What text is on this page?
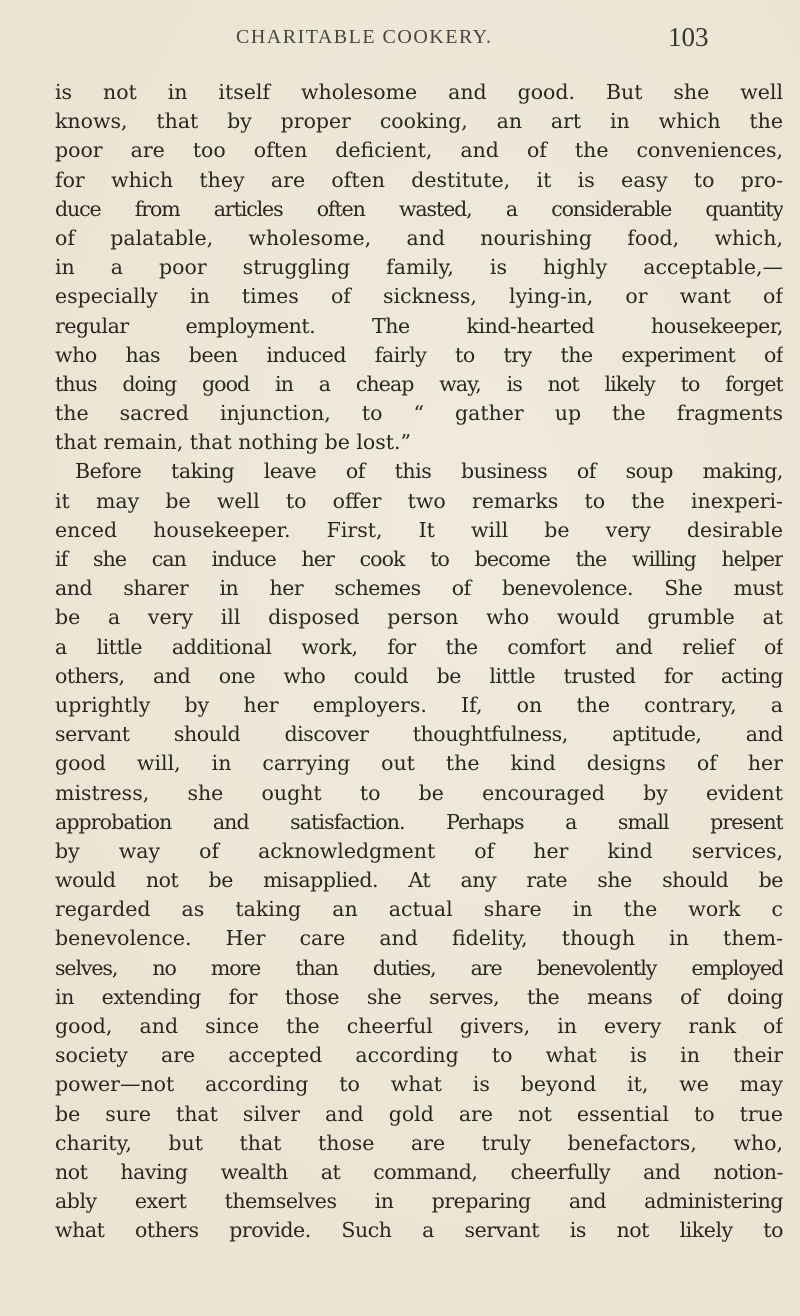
CHARITABLE COOKERY.	103
is not in itself wholesome and good. But she well
knows, that by proper cooking, an art in which the
poor are too often deficient, and of the conveniences,
for which they are often destitute, it is easy to pro-
duce from articles often wasted, a considerable quantity
of palatable, wholesome, and nourishing food, which,
in a poor struggling family, is highly acceptable,—
especially in times of sickness, lying-in, or want of
regular employment. The kind-hearted housekeeper,
who has been induced fairly to try the experiment of
thus doing good in a cheap way, is not likely to forget
the sacred injunction, to “ gather up the fragments
that remain, that nothing be lost.”
Before taking leave of this business of soup making,
it may be well to offer two remarks to the inexperi-
enced housekeeper. First, It will be very desirable
if she can induce her cook to become the willing helper
and sharer in her schemes of benevolence. She must
be a very ill disposed person who would grumble at
a little additional work, for the comfort and relief of
others, and one who could be little trusted for acting
uprightly by her employers. If, on the contrary, a
servant should discover thoughtfulness, aptitude, and
good will, in carrying out the kind designs of her
mistress, she ought to be encouraged by evident
approbation and satisfaction. Perhaps a small present
by way of acknowledgment of her kind services,
would not be misapplied. At any rate she should be
regarded as taking an actual share in the work c
benevolence. Her care and fidelity, though in them-
selves, no more than duties, are benevolently employed
in extending for those she serves, the means of doing
good, and since the cheerful givers, in every rank of
society are accepted according to what is in their
power—not according to what is beyond it, we may
be sure that silver and gold are not essential to true
charity, but that those are truly benefactors, who,
not having wealth at command, cheerfully and notion-
ably exert themselves in preparing and administering
what others provide. Such a servant is not likely to
